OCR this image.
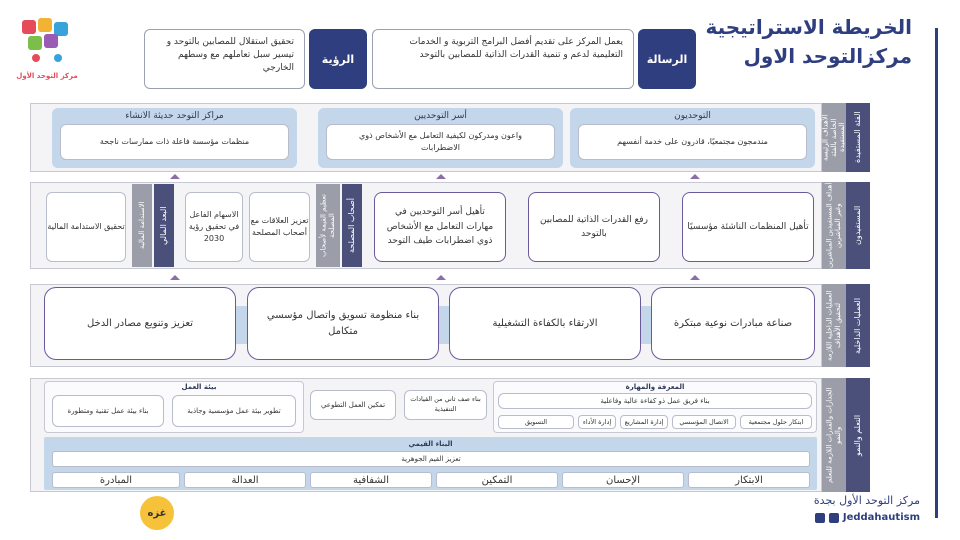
الخريطة الاستراتيجية
مركزالتوحد الاول
الرسالة
يعمل المركز على تقديم أفضل البرامج التربوية و الخدمات التعليمية لدعم و تنمية القدرات الذاتية للمصابين بالتوحد
الرؤية
تحقيق استقلال للمصابين بالتوحد و تيسير سبل تعاملهم مع وسطهم الخارجي
مركز التوحد الأول
الفئة المستفيدة
الأهداف الرئيسة الخاصة بالفئة المستفيدة
التوحديون
مندمجون مجتمعيًا، قادرون على خدمة أنفسهم
أسر التوحديين
واعون ومدركون لكيفية التعامل مع الأشخاص ذوي الاضطرابات
مراكز التوحد حديثة الانشاء
منظمات مؤسسة فاعلة ذات ممارسات ناجحة
المستفيدون
أهداف المستفيدين المباشرين وغير المباشرين
تأهيل المنظمات الناشئة مؤسسيًا
رفع القدرات الذاتية للمصابين بالتوحد
تأهيل أسر التوحديين في مهارات التعامل مع الأشخاص ذوي اضطرابات طيف التوحد
أصحاب المصلحة
تعظيم القيمة لأصحاب المصلحة
تعزيز العلاقات مع أصحاب المصلحة
الاسهام الفاعل في تحقيق رؤية 2030
البعد المالي
الاستدامة المالية
تحقيق الاستدامة المالية
العمليات الداخلية
العمليات الداخلية اللازمة لتحقيق الأهداف
صناعة مبادرات نوعية مبتكرة
الارتقاء بالكفاءة التشغيلية
بناء منظومة تسويق واتصال مؤسسي متكامل
تعزيز وتنويع مصادر الدخل
التعلم والنمو
الجدارات والقدرات اللازمة للتعلم والنمو
المعرفة والمهارة
بناء فريق عمل ذو كفاءة عالية وفاعلية
ابتكار حلول مجتمعية
الاتصال المؤسسي
إدارة المشاريع
إدارة الأداء
التسويق
بناء صف ثاني من القيادات التنفيذية
تمكين العمل التطوعي
بيئة العمل
تطوير بيئة عمل مؤسسية وجاذبة
بناء بيئة عمل تقنية ومتطورة
البناء القيمي
تعزيز القيم الجوهرية
الابتكار
الإحسان
التمكين
الشفافية
العدالة
المبادرة
غزه
مركز التوحد الأول بجدة
Jeddahautism
